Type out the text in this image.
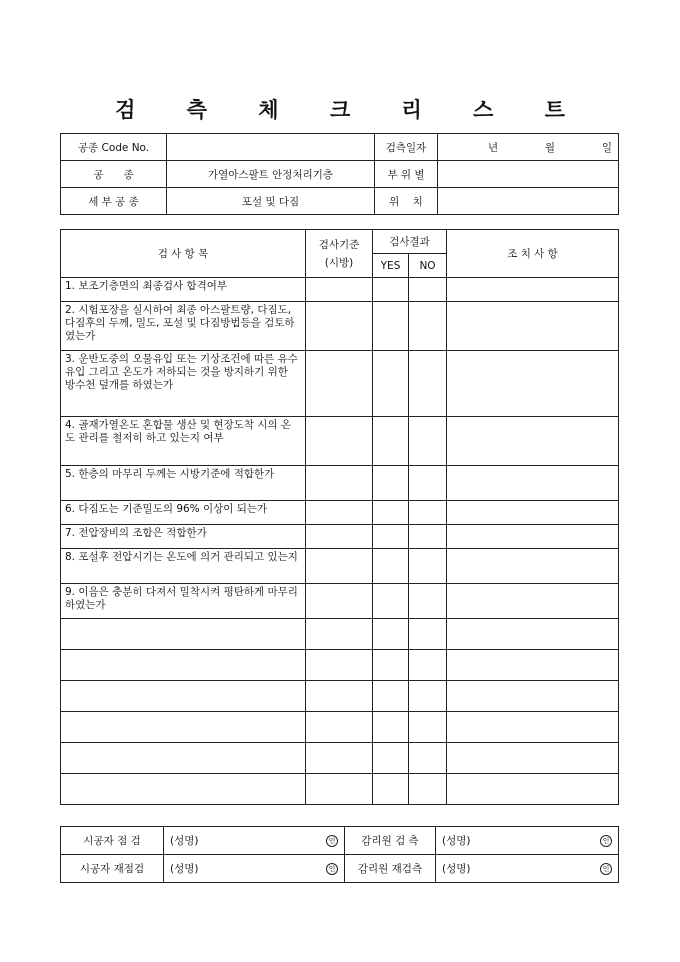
검 측 체 크 리 스 트
공종 Code No.		검측일자	년 월 일

공      종	가열아스팔트 안정처리기층	부 위 별	
세 부 공 종	포설 및 다짐	위    치	
검 사 항 목	검사기준
(시방)	검사결과		조 치 사 항
		YES	NO	
1. 보조기층면의 최종검사 합격여부				
2. 시험포장을 실시하여 최종 아스팔트량, 다짐도, 다짐후의 두께, 밀도, 포설 및 다짐방법등을 검토하였는가				
3. 운반도중의 오물유입 또는 기상조건에 따른 유수유입 그리고 온도가 저하되는 것을 방지하기 위한 방수천 덮개를 하였는가				
4. 골재가열온도 혼합물 생산 및 현장도착 시의 온도 관리를 철저히 하고 있는지 여부				
5. 한층의 마무리 두께는 시방기준에 적합한가				
6. 다짐도는 기준밀도의 96% 이상이 되는가				
7. 전압장비의 조합은 적합한가				
8. 포설후 전압시기는 온도에 의거 관리되고 있는지				
9. 이음은 충분히 다져서 밀착시켜 평탄하게 마무리 하였는가				

시공자 점 검	(성명) 인	감리원 검 측	(성명) 인

시공자 재점검	(성명) 인	감리원 재검측	(성명) 인
